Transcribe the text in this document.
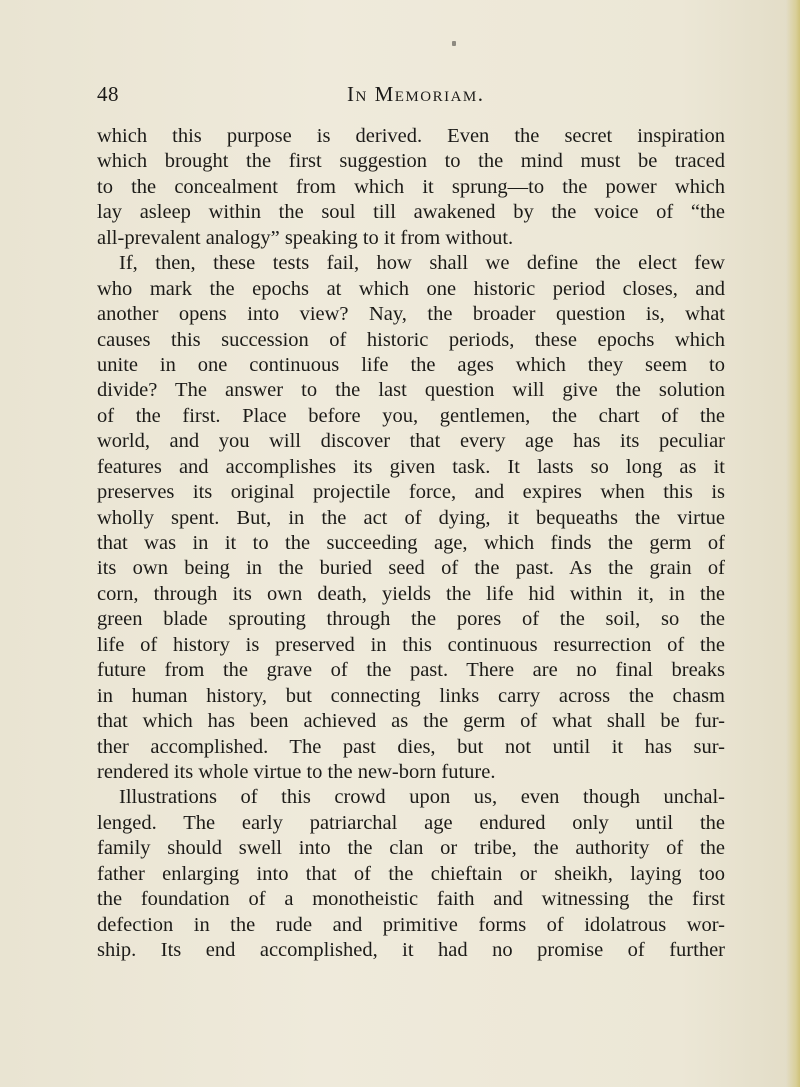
48	In Memoriam.
which this purpose is derived. Even the secret inspiration
which brought the first suggestion to the mind must be traced
to the concealment from which it sprung—to the power which
lay asleep within the soul till awakened by the voice of “the
all-prevalent analogy” speaking to it from without.
If, then, these tests fail, how shall we define the elect few
who mark the epochs at which one historic period closes, and
another opens into view? Nay, the broader question is, what
causes this succession of historic periods, these epochs which
unite in one continuous life the ages which they seem to
divide? The answer to the last question will give the solution
of the first. Place before you, gentlemen, the chart of the
world, and you will discover that every age has its peculiar
features and accomplishes its given task. It lasts so long as it
preserves its original projectile force, and expires when this is
wholly spent. But, in the act of dying, it bequeaths the virtue
that was in it to the succeeding age, which finds the germ of
its own being in the buried seed of the past. As the grain of
corn, through its own death, yields the life hid within it, in the
green blade sprouting through the pores of the soil, so the
life of history is preserved in this continuous resurrection of the
future from the grave of the past. There are no final breaks
in human history, but connecting links carry across the chasm
that which has been achieved as the germ of what shall be fur-
ther accomplished. The past dies, but not until it has sur-
rendered its whole virtue to the new-born future.
Illustrations of this crowd upon us, even though unchal-
lenged. The early patriarchal age endured only until the
family should swell into the clan or tribe, the authority of the
father enlarging into that of the chieftain or sheikh, laying too
the foundation of a monotheistic faith and witnessing the first
defection in the rude and primitive forms of idolatrous wor-
ship. Its end accomplished, it had no promise of further
